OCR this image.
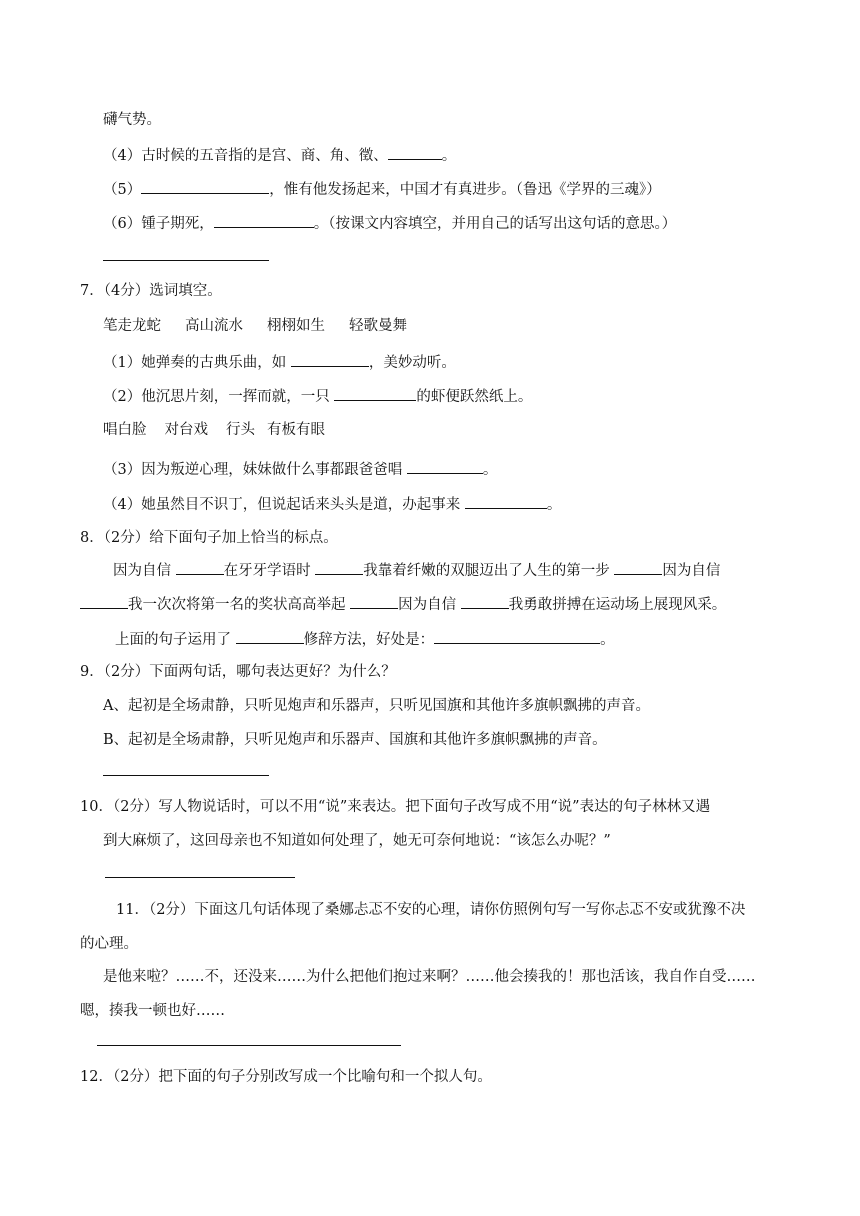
礴气势。
（4）古时候的五音指的是宫、商、角、徵、	。
（5）	，惟有他发扬起来，中国才有真进步。（鲁迅《学界的三魂》）
（6）锺子期死，	。（按课文内容填空，并用自己的话写出这句话的意思。）
7．（4分）选词填空。
笔走龙蛇 高山流水 栩栩如生 轻歌曼舞
（1）她弹奏的古典乐曲，如	，美妙动听。
（2）他沉思片刻，一挥而就，一只	的虾便跃然纸上。
唱白脸 对台戏 行头 有板有眼
（3）因为叛逆心理，妹妹做什么事都跟爸爸唱	。
（4）她虽然目不识丁，但说起话来头头是道，办起事来	。
8．（2分）给下面句子加上恰当的标点。
因为自信	在牙牙学语时	我靠着纤嫩的双腿迈出了人生的第一步	因为自信
我一次次将第一名的奖状高高举起	因为自信	我勇敢拼搏在运动场上展现风采。
上面的句子运用了	修辞方法，好处是：	。
9．（2分）下面两句话，哪句表达更好？为什么？
A、起初是全场肃静，只听见炮声和乐器声，只听见国旗和其他许多旗帜飘拂的声音。
B、起初是全场肃静，只听见炮声和乐器声、国旗和其他许多旗帜飘拂的声音。
10．（2分）写人物说话时，可以不用“说”来表达。把下面句子改写成不用“说”表达的句子林林又遇
到大麻烦了，这回母亲也不知道如何处理了，她无可奈何地说：“该怎么办呢？”
11．（2分）下面这几句话体现了桑娜忐忑不安的心理，请你仿照例句写一写你忐忑不安或犹豫不决
的心理。
是他来啦？……不，还没来……为什么把他们抱过来啊？……他会揍我的！那也活该，我自作自受……
嗯，揍我一顿也好……
12．（2分）把下面的句子分别改写成一个比喻句和一个拟人句。
